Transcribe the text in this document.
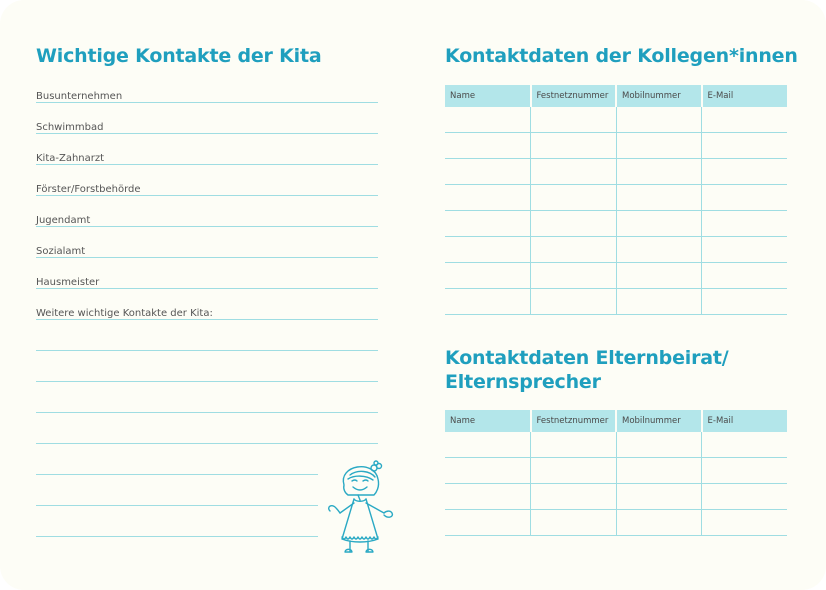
Wichtige Kontakte der Kita
Busunternehmen
Schwimmbad
Kita-Zahnarzt
Förster/Forstbehörde
Jugendamt
Sozialamt
Hausmeister
Weitere wichtige Kontakte der Kita:
Kontaktdaten der Kollegen*innen
Name	Festnetznummer	Mobilnummer	E-Mail

Kontaktdaten Elternbeirat/
Elternsprecher
Name	Festnetznummer	Mobilnummer	E-Mail
